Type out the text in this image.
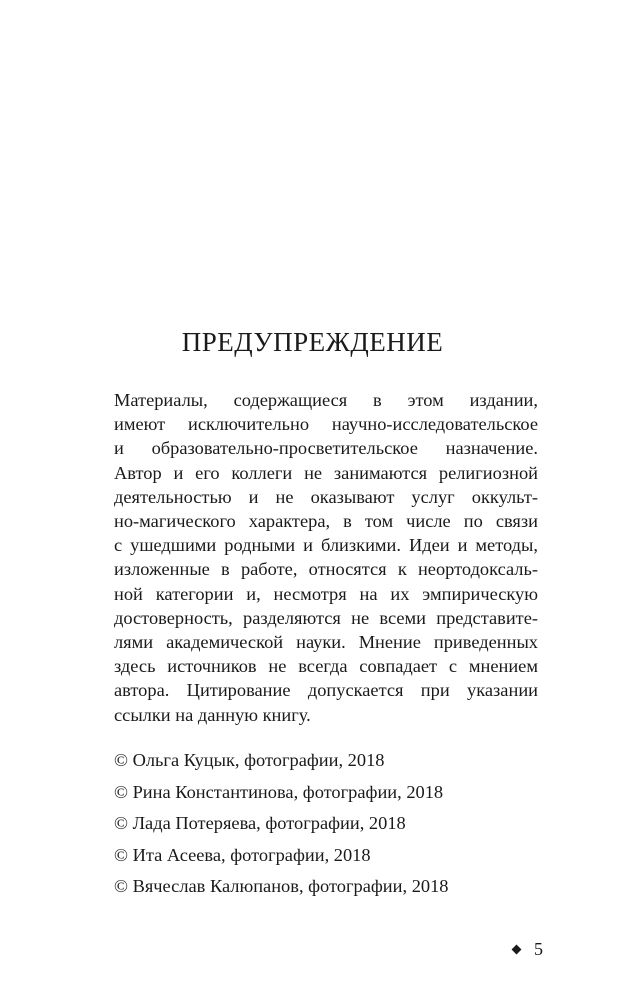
ПРЕДУПРЕЖДЕНИЕ
Материалы, содержащиеся в этом издании,
имеют исключительно научно-исследовательское
и образовательно-просветительское назначение.
Автор и его коллеги не занимаются религиозной
деятельностью и не оказывают услуг оккульт-
но-магического характера, в том числе по связи
с ушедшими родными и близкими. Идеи и методы,
изложенные в работе, относятся к неортодоксаль-
ной категории и, несмотря на их эмпирическую
достоверность, разделяются не всеми представите-
лями академической науки. Мнение приведенных
здесь источников не всегда совпадает с мнением
автора. Цитирование допускается при указании
ссылки на данную книгу.
© Ольга Куцык, фотографии, 2018
© Рина Константинова, фотографии, 2018
© Лада Потеряева, фотографии, 2018
© Ита Асеева, фотографии, 2018
© Вячеслав Калюпанов, фотографии, 2018
5
